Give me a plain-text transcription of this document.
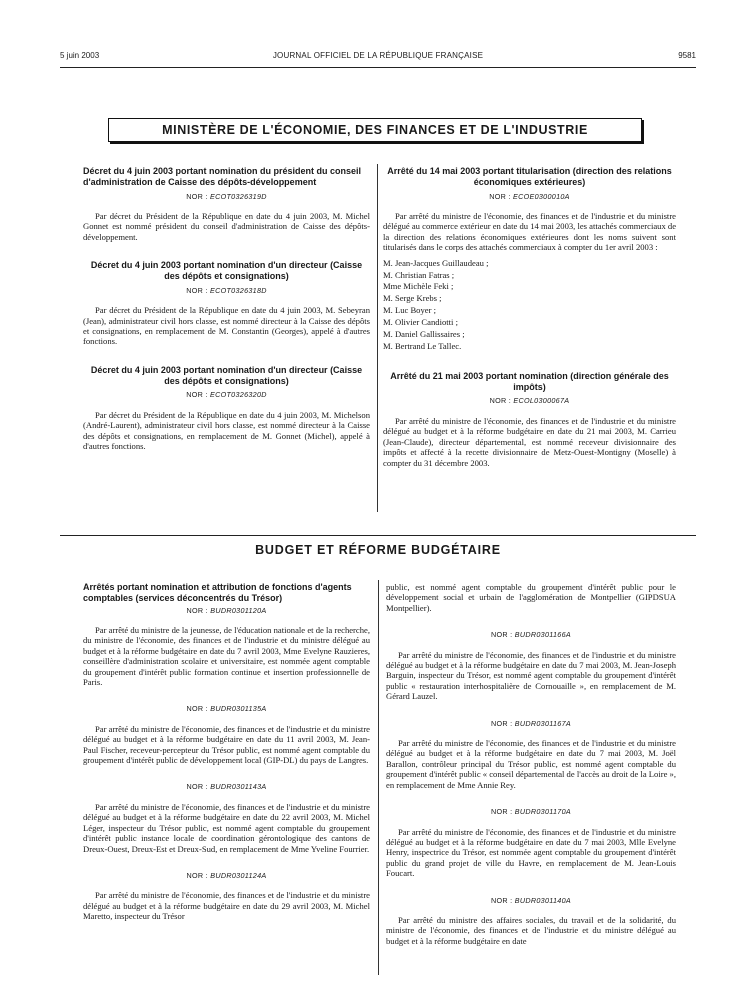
5 juin 2003	JOURNAL OFFICIEL DE LA RÉPUBLIQUE FRANÇAISE	9581
MINISTÈRE DE L'ÉCONOMIE, DES FINANCES ET DE L'INDUSTRIE

Décret du 4 juin 2003 portant nomination du président du conseil d'administration de Caisse des dépôts-développement

NOR : ECOT0326319D

Par décret du Président de la République en date du 4 juin 2003, M. Michel Gonnet est nommé président du conseil d'administration de Caisse des dépôts-développement.

Décret du 4 juin 2003 portant nomination d'un directeur (Caisse des dépôts et consignations)

NOR : ECOT0326318D

Par décret du Président de la République en date du 4 juin 2003, M. Sebeyran (Jean), administrateur civil hors classe, est nommé directeur à la Caisse des dépôts et consignations, en remplacement de M. Constantin (Georges), appelé à d'autres fonctions.

Décret du 4 juin 2003 portant nomination d'un directeur (Caisse des dépôts et consignations)

NOR : ECOT0326320D

Par décret du Président de la République en date du 4 juin 2003, M. Michelson (André-Laurent), administrateur civil hors classe, est nommé directeur à la Caisse des dépôts et consignations, en remplacement de M. Gonnet (Michel), appelé à d'autres fonctions.

Arrêté du 14 mai 2003 portant titularisation (direction des relations économiques extérieures)

NOR : ECOE0300010A

Par arrêté du ministre de l'économie, des finances et de l'industrie et du ministre délégué au commerce extérieur en date du 14 mai 2003, les attachés commerciaux de la direction des relations économiques extérieures dont les noms suivent sont titularisés dans le corps des attachés commerciaux à compter du 1er avril 2003 :

M. Jean-Jacques Guillaudeau ;
M. Christian Fatras ;
Mme Michèle Feki ;
M. Serge Krebs ;
M. Luc Boyer ;
M. Olivier Candiotti ;
M. Daniel Gallissaires ;
M. Bertrand Le Tallec.

Arrêté du 21 mai 2003 portant nomination (direction générale des impôts)

NOR : ECOL0300067A

Par arrêté du ministre de l'économie, des finances et de l'industrie et du ministre délégué au budget et à la réforme budgétaire en date du 21 mai 2003, M. Carrieu (Jean-Claude), directeur départemental, est nommé receveur divisionnaire des impôts et affecté à la recette divisionnaire de Metz-Ouest-Montigny (Moselle) à compter du 31 décembre 2003.

BUDGET ET RÉFORME BUDGÉTAIRE

Arrêtés portant nomination et attribution de fonctions d'agents comptables (services déconcentrés du Trésor)

NOR : BUDR0301120A

Par arrêté du ministre de la jeunesse, de l'éducation nationale et de la recherche, du ministre de l'économie, des finances et de l'industrie et du ministre délégué au budget et à la réforme budgétaire en date du 7 avril 2003, Mme Evelyne Rauzieres, conseillère d'administration scolaire et universitaire, est nommée agent comptable du groupement d'intérêt public formation continue et insertion professionnelle de Paris.

NOR : BUDR0301135A

Par arrêté du ministre de l'économie, des finances et de l'industrie et du ministre délégué au budget et à la réforme budgétaire en date du 11 avril 2003, M. Jean-Paul Fischer, receveur-percepteur du Trésor public, est nommé agent comptable du groupement d'intérêt public de développement local (GIP-DL) du pays de Langres.

NOR : BUDR0301143A

Par arrêté du ministre de l'économie, des finances et de l'industrie et du ministre délégué au budget et à la réforme budgétaire en date du 22 avril 2003, M. Michel Léger, inspecteur du Trésor public, est nommé agent comptable du groupement d'intérêt public instance locale de coordination gérontologique des cantons de Dreux-Ouest, Dreux-Est et Dreux-Sud, en remplacement de Mme Yveline Fourrier.

NOR : BUDR0301124A

Par arrêté du ministre de l'économie, des finances et de l'industrie et du ministre délégué au budget et à la réforme budgétaire en date du 29 avril 2003, M. Michel Maretto, inspecteur du Trésor

public, est nommé agent comptable du groupement d'intérêt public pour le développement social et urbain de l'agglomération de Montpellier (GIPDSUA Montpellier).

NOR : BUDR0301166A

Par arrêté du ministre de l'économie, des finances et de l'industrie et du ministre délégué au budget et à la réforme budgétaire en date du 7 mai 2003, M. Jean-Joseph Barguin, inspecteur du Trésor, est nommé agent comptable du groupement d'intérêt public « restauration interhospitalière de Cornouaille », en remplacement de M. Gérard Lauzel.

NOR : BUDR0301167A

Par arrêté du ministre de l'économie, des finances et de l'industrie et du ministre délégué au budget et à la réforme budgétaire en date du 7 mai 2003, M. Joël Barallon, contrôleur principal du Trésor public, est nommé agent comptable du groupement d'intérêt public « conseil départemental de l'accès au droit de la Loire », en remplacement de Mme Annie Rey.

NOR : BUDR0301170A

Par arrêté du ministre de l'économie, des finances et de l'industrie et du ministre délégué au budget et à la réforme budgétaire en date du 7 mai 2003, Mlle Evelyne Henry, inspectrice du Trésor, est nommée agent comptable du groupement d'intérêt public du grand projet de ville du Havre, en remplacement de M. Jean-Louis Foucart.

NOR : BUDR0301140A

Par arrêté du ministre des affaires sociales, du travail et de la solidarité, du ministre de l'économie, des finances et de l'industrie et du ministre délégué au budget et à la réforme budgétaire en date
